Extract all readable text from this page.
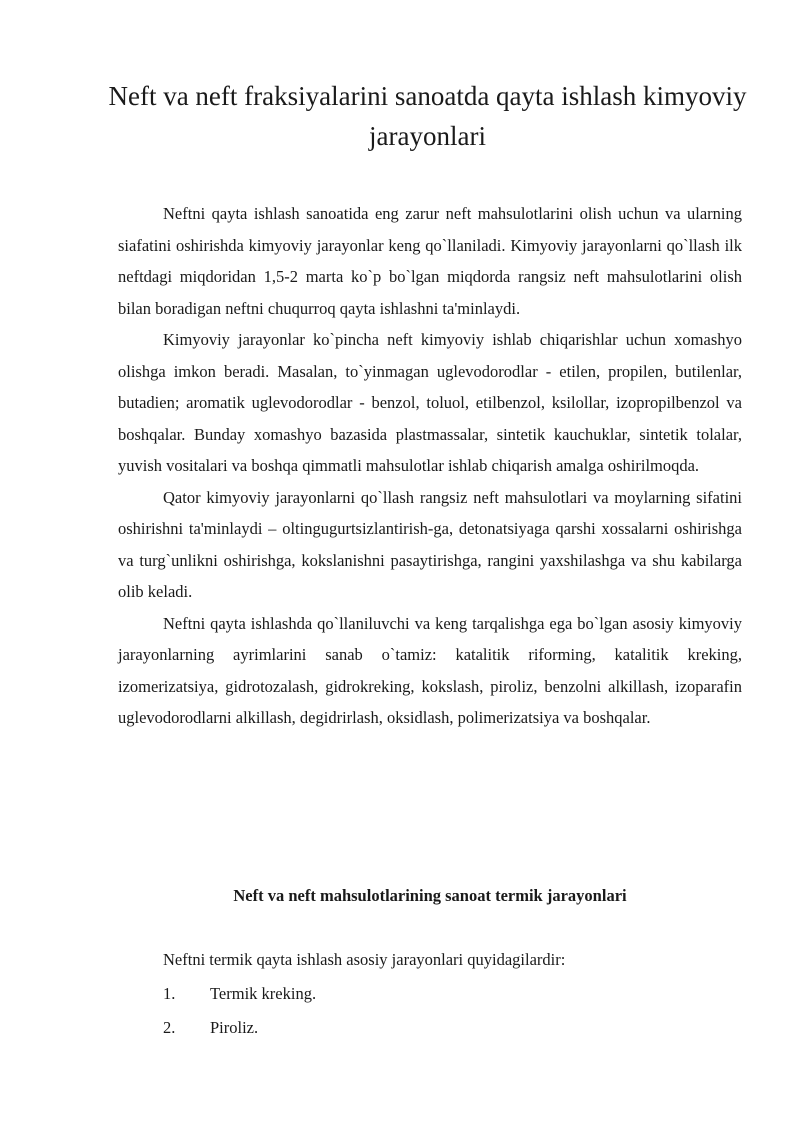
Neft va neft fraksiyalarini sanoatda qayta ishlash kimyoviy jarayonlari

Neftni qayta ishlash sanoatida eng zarur neft mahsulotlarini olish uchun va ularning siafatini oshirishda kimyoviy jarayonlar keng qo`llaniladi. Kimyoviy jarayonlarni qo`llash ilk neftdagi miqdoridan 1,5-2 marta ko`p bo`lgan miqdorda rangsiz neft mahsulotlarini olish bilan boradigan neftni chuqurroq qayta ishlashni ta'minlaydi.

Kimyoviy jarayonlar ko`pincha neft kimyoviy ishlab chiqarishlar uchun xomashyo olishga imkon beradi. Masalan, to`yinmagan uglevodorodlar - etilen, propilen, butilenlar, butadien; aromatik uglevodorodlar - benzol, toluol, etilbenzol, ksilollar, izopropilbenzol va boshqalar. Bunday xomashyo bazasida plastmassalar, sintetik kauchuklar, sintetik tolalar, yuvish vositalari va boshqa qimmatli mahsulotlar ishlab chiqarish amalga oshirilmoqda.

Qator kimyoviy jarayonlarni qo`llash rangsiz neft mahsulotlari va moylarning sifatini oshirishni ta'minlaydi – oltingugurtsizlantirish-ga, detonatsiyaga qarshi xossalarni oshirishga va turg`unlikni oshirishga, kokslanishni pasaytirishga, rangini yaxshilashga va shu kabilarga olib keladi.

Neftni qayta ishlashda qo`llaniluvchi va keng tarqalishga ega bo`lgan asosiy kimyoviy jarayonlarning ayrimlarini sanab o`tamiz: katalitik riforming, katalitik kreking, izomerizatsiya, gidrotozalash, gidrokreking, kokslash, piroliz, benzolni alkillash, izoparafin uglevodorodlarni alkillash, degidrirlash, oksidlash, polimerizatsiya va boshqalar.

Neft va neft mahsulotlarining sanoat termik jarayonlari

Neftni termik qayta ishlash asosiy jarayonlari quyidagilardir:

1.	Termik kreking.
2.	Piroliz.
